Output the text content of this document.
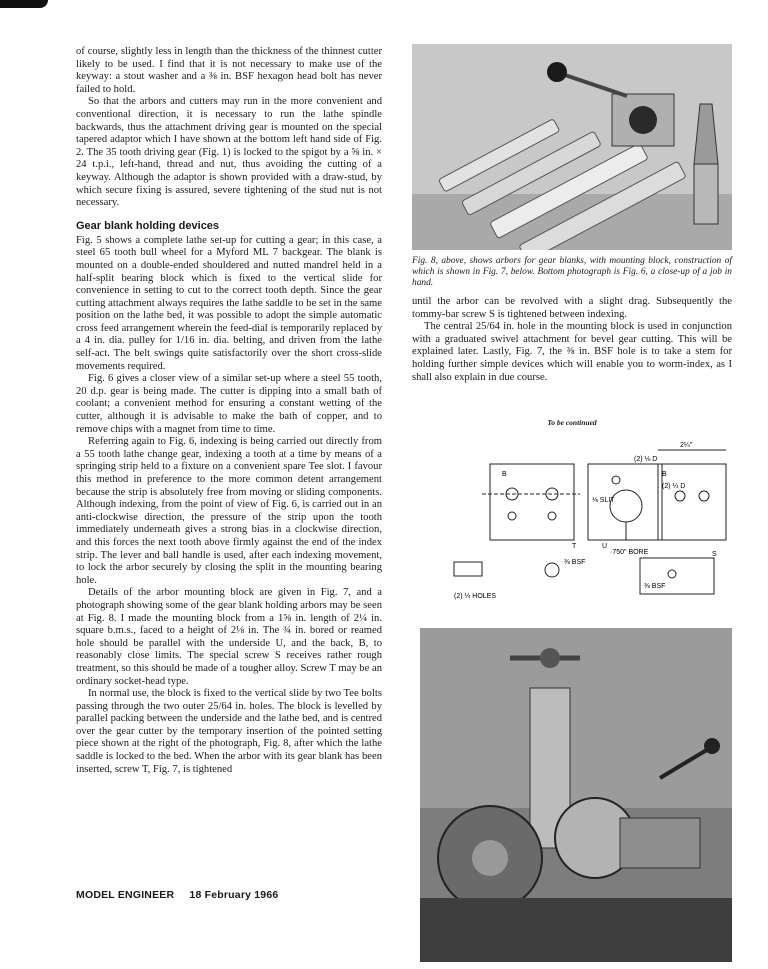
of course, slightly less in length than the thickness of the thinnest cutter likely to be used. I find that it is not necessary to make use of the keyway: a stout washer and a ⅜ in. BSF hexagon head bolt has never failed to hold.

So that the arbors and cutters may run in the more convenient and conventional direction, it is necessary to run the lathe spindle backwards, thus the attachment driving gear is mounted on the special tapered adaptor which I have shown at the bottom left hand side of Fig. 2. The 35 tooth driving gear (Fig. 1) is locked to the spigot by a ⅝ in. × 24 t.p.i., left-hand, thread and nut, thus avoiding the cutting of a keyway. Although the adaptor is shown provided with a draw-stud, by which secure fixing is assured, severe tightening of the stud nut is not necessary.

Gear blank holding devices

Fig. 5 shows a complete lathe set-up for cutting a gear; in this case, a steel 65 tooth bull wheel for a Myford ML 7 backgear. The blank is mounted on a double-ended shouldered and nutted mandrel held in a half-split bearing block which is fixed to the vertical slide for convenience in setting to cut to the correct tooth depth. Since the gear cutting attachment always requires the lathe saddle to be set in the same position on the lathe bed, it was possible to adopt the simple automatic cross feed arrangement wherein the feed-dial is temporarily replaced by a 4 in. dia. pulley for 1/16 in. dia. belting, and driven from the lathe self-act. The belt swings quite satisfactorily over the short cross-slide movements required.

Fig. 6 gives a closer view of a similar set-up where a steel 55 tooth, 20 d.p. gear is being made. The cutter is dipping into a small bath of coolant; a convenient method for ensuring a constant wetting of the cutter, although it is advisable to make the bath of copper, and to remove chips with a magnet from time to time.

Referring again to Fig. 6, indexing is being carried out directly from a 55 tooth lathe change gear, indexing a tooth at a time by means of a springing strip held to a fixture on a convenient spare Tee slot. I favour this method in preference to the more common detent arrangement because the strip is absolutely free from moving or sliding components. Although indexing, from the point of view of Fig. 6, is carried out in an anti-clockwise direction, the pressure of the strip upon the tooth immediately underneath gives a strong bias in a clockwise direction, and this forces the next tooth above firmly against the end of the index strip. The lever and ball handle is used, after each indexing movement, to lock the arbor securely by closing the split in the mounting bearing hole.

Details of the arbor mounting block are given in Fig. 7, and a photograph showing some of the gear blank holding arbors may be seen at Fig. 8. I made the mounting block from a 1⅝ in. length of 2¼ in. square b.m.s., faced to a height of 2⅛ in. The ¾ in. bored or reamed hole should be parallel with the underside U, and the back, B, to reasonably close limits. The special screw S receives rather rough treatment, so this should be made of a tougher alloy. Screw T may be an ordinary socket-head type.

In normal use, the block is fixed to the vertical slide by two Tee bolts passing through the two outer 25/64 in. holes. The block is levelled by parallel packing between the underside and the lathe bed, and is centred over the gear cutter by the temporary insertion of the pointed setting piece shown at the right of the photograph, Fig. 8, after which the lathe saddle is locked to the bed. When the arbor with its gear blank has been inserted, screw T, Fig. 7, is tightened

MODEL ENGINEER 18 February 1966
Fig. 8, above, shows arbors for gear blanks, with mounting block, construction of which is shown in Fig. 7, below. Bottom photograph is Fig. 6, a close-up of a job in hand.

until the arbor can be revolved with a slight drag. Subsequently the tommy-bar screw S is tightened between indexing.

The central 25/64 in. hole in the mounting block is used in conjunction with a graduated swivel attachment for bevel gear cutting. This will be explained later. Lastly, Fig. 7, the ⅜ in. BSF hole is to take a stem for holding further simple devices which will enable you to worm-index, as I shall also explain in due course.

To be continued
B
(2) ⅛ D
⅛ SLIT
·750" BORE
T	U
2¼"
B
(2) ¼ D
S
(2) ¼ HOLES
⅜ BSF
⅜ BSF
